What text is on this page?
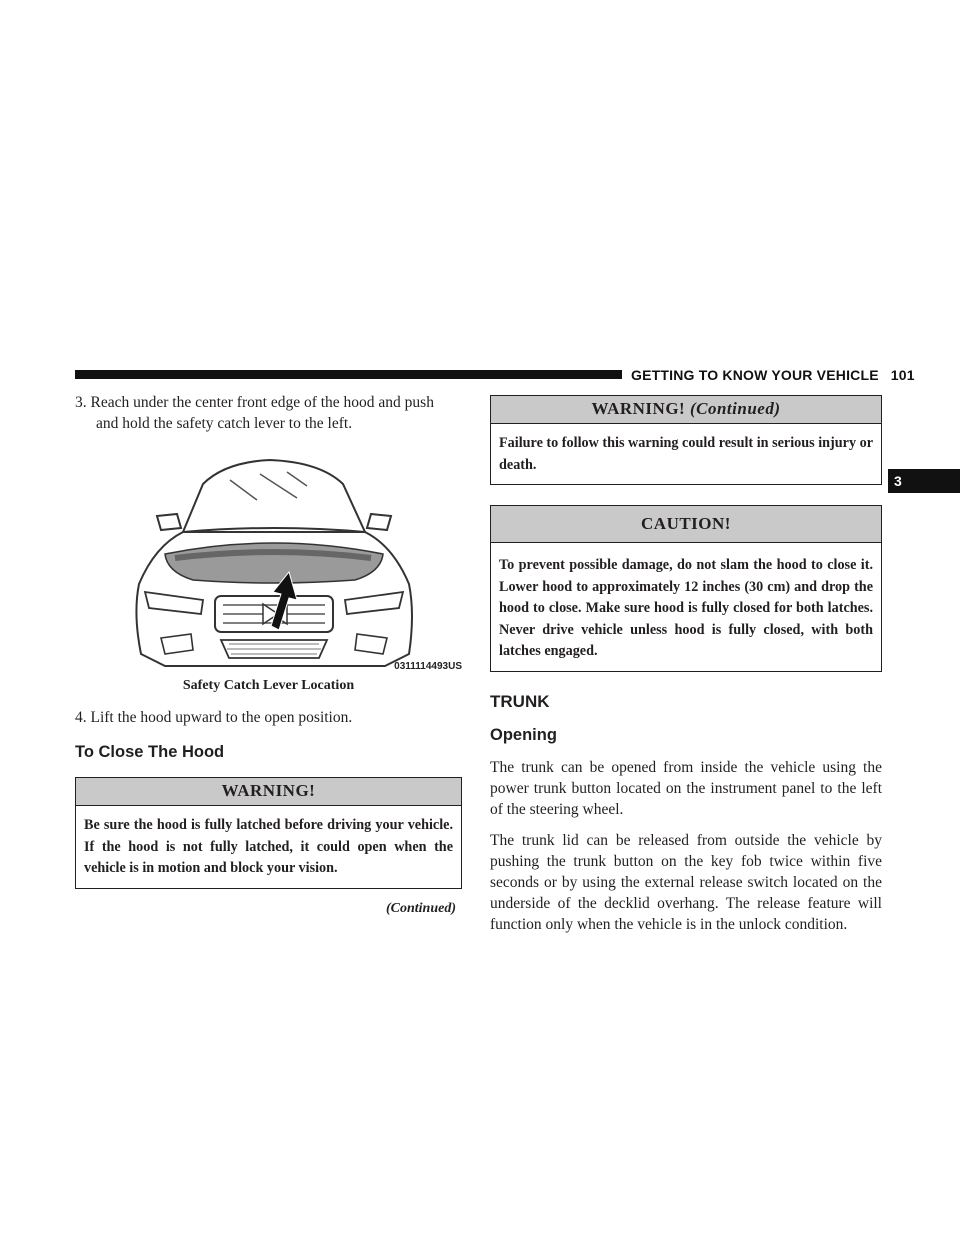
GETTING TO KNOW YOUR VEHICLE 101
3
3. Reach under the center front edge of the hood and push
and hold the safety catch lever to the left.
0311114493US
Safety Catch Lever Location
4. Lift the hood upward to the open position.
To Close The Hood
WARNING!
Be sure the hood is fully latched before driving your vehicle. If the hood is not fully latched, it could open when the vehicle is in motion and block your vision.
(Continued)
WARNING! (Continued)
Failure to follow this warning could result in serious injury or death.
CAUTION!
To prevent possible damage, do not slam the hood to close it. Lower hood to approximately 12 inches (30 cm) and drop the hood to close. Make sure hood is fully closed for both latches. Never drive vehicle unless hood is fully closed, with both latches engaged.
TRUNK
Opening

The trunk can be opened from inside the vehicle using the power trunk button located on the instrument panel to the left of the steering wheel.

The trunk lid can be released from outside the vehicle by pushing the trunk button on the key fob twice within five seconds or by using the external release switch located on the underside of the decklid overhang. The release feature will function only when the vehicle is in the unlock condition.
